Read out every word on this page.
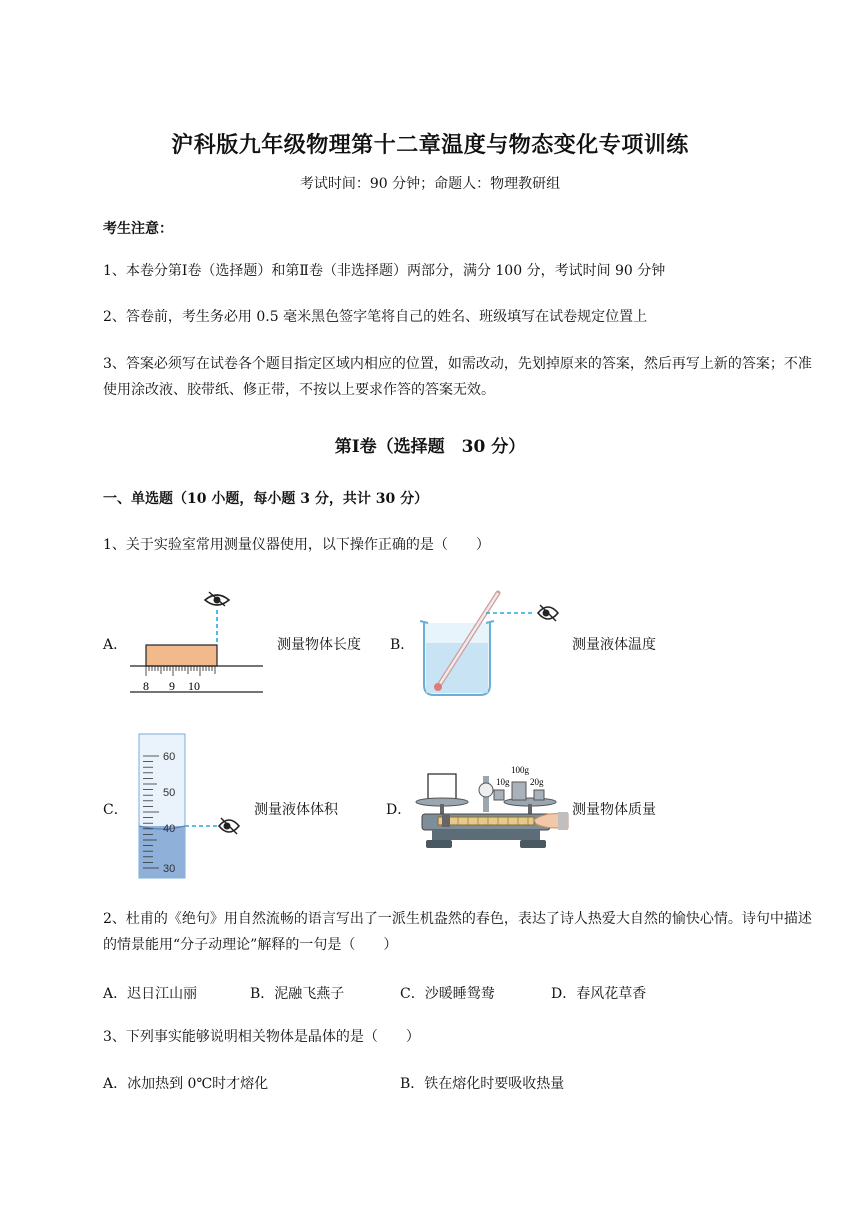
沪科版九年级物理第十二章温度与物态变化专项训练
考试时间：90 分钟；命题人：物理教研组
考生注意：
1、本卷分第Ⅰ卷（选择题）和第Ⅱ卷（非选择题）两部分，满分 100 分，考试时间 90 分钟
2、答卷前，考生务必用 0.5 毫米黑色签字笔将自己的姓名、班级填写在试卷规定位置上
3、答案必须写在试卷各个题目指定区域内相应的位置，如需改动，先划掉原来的答案，然后再写上新的答案；不准使用涂改液、胶带纸、修正带，不按以上要求作答的答案无效。
第Ⅰ卷（选择题　30 分）
一、单选题（10 小题，每小题 3 分，共计 30 分）
1、关于实验室常用测量仪器使用，以下操作正确的是（　　）
A．
8 9 10
测量物体长度 B．	测量液体温度
C．
60
50
40
30
测量液体体积	D．
100g
10g 20g
测量物体质量
2、杜甫的《绝句》用自然流畅的语言写出了一派生机盎然的春色，表达了诗人热爱大自然的愉快心情。诗句中描述的情景能用“分子动理论”解释的一句是（　　）
A．迟日江山丽	B．泥融飞燕子	C．沙暖睡鸳鸯	D．春风花草香
3、下列事实能够说明相关物体是晶体的是（　　）
A．冰加热到 0℃时才熔化	B．铁在熔化时要吸收热量
